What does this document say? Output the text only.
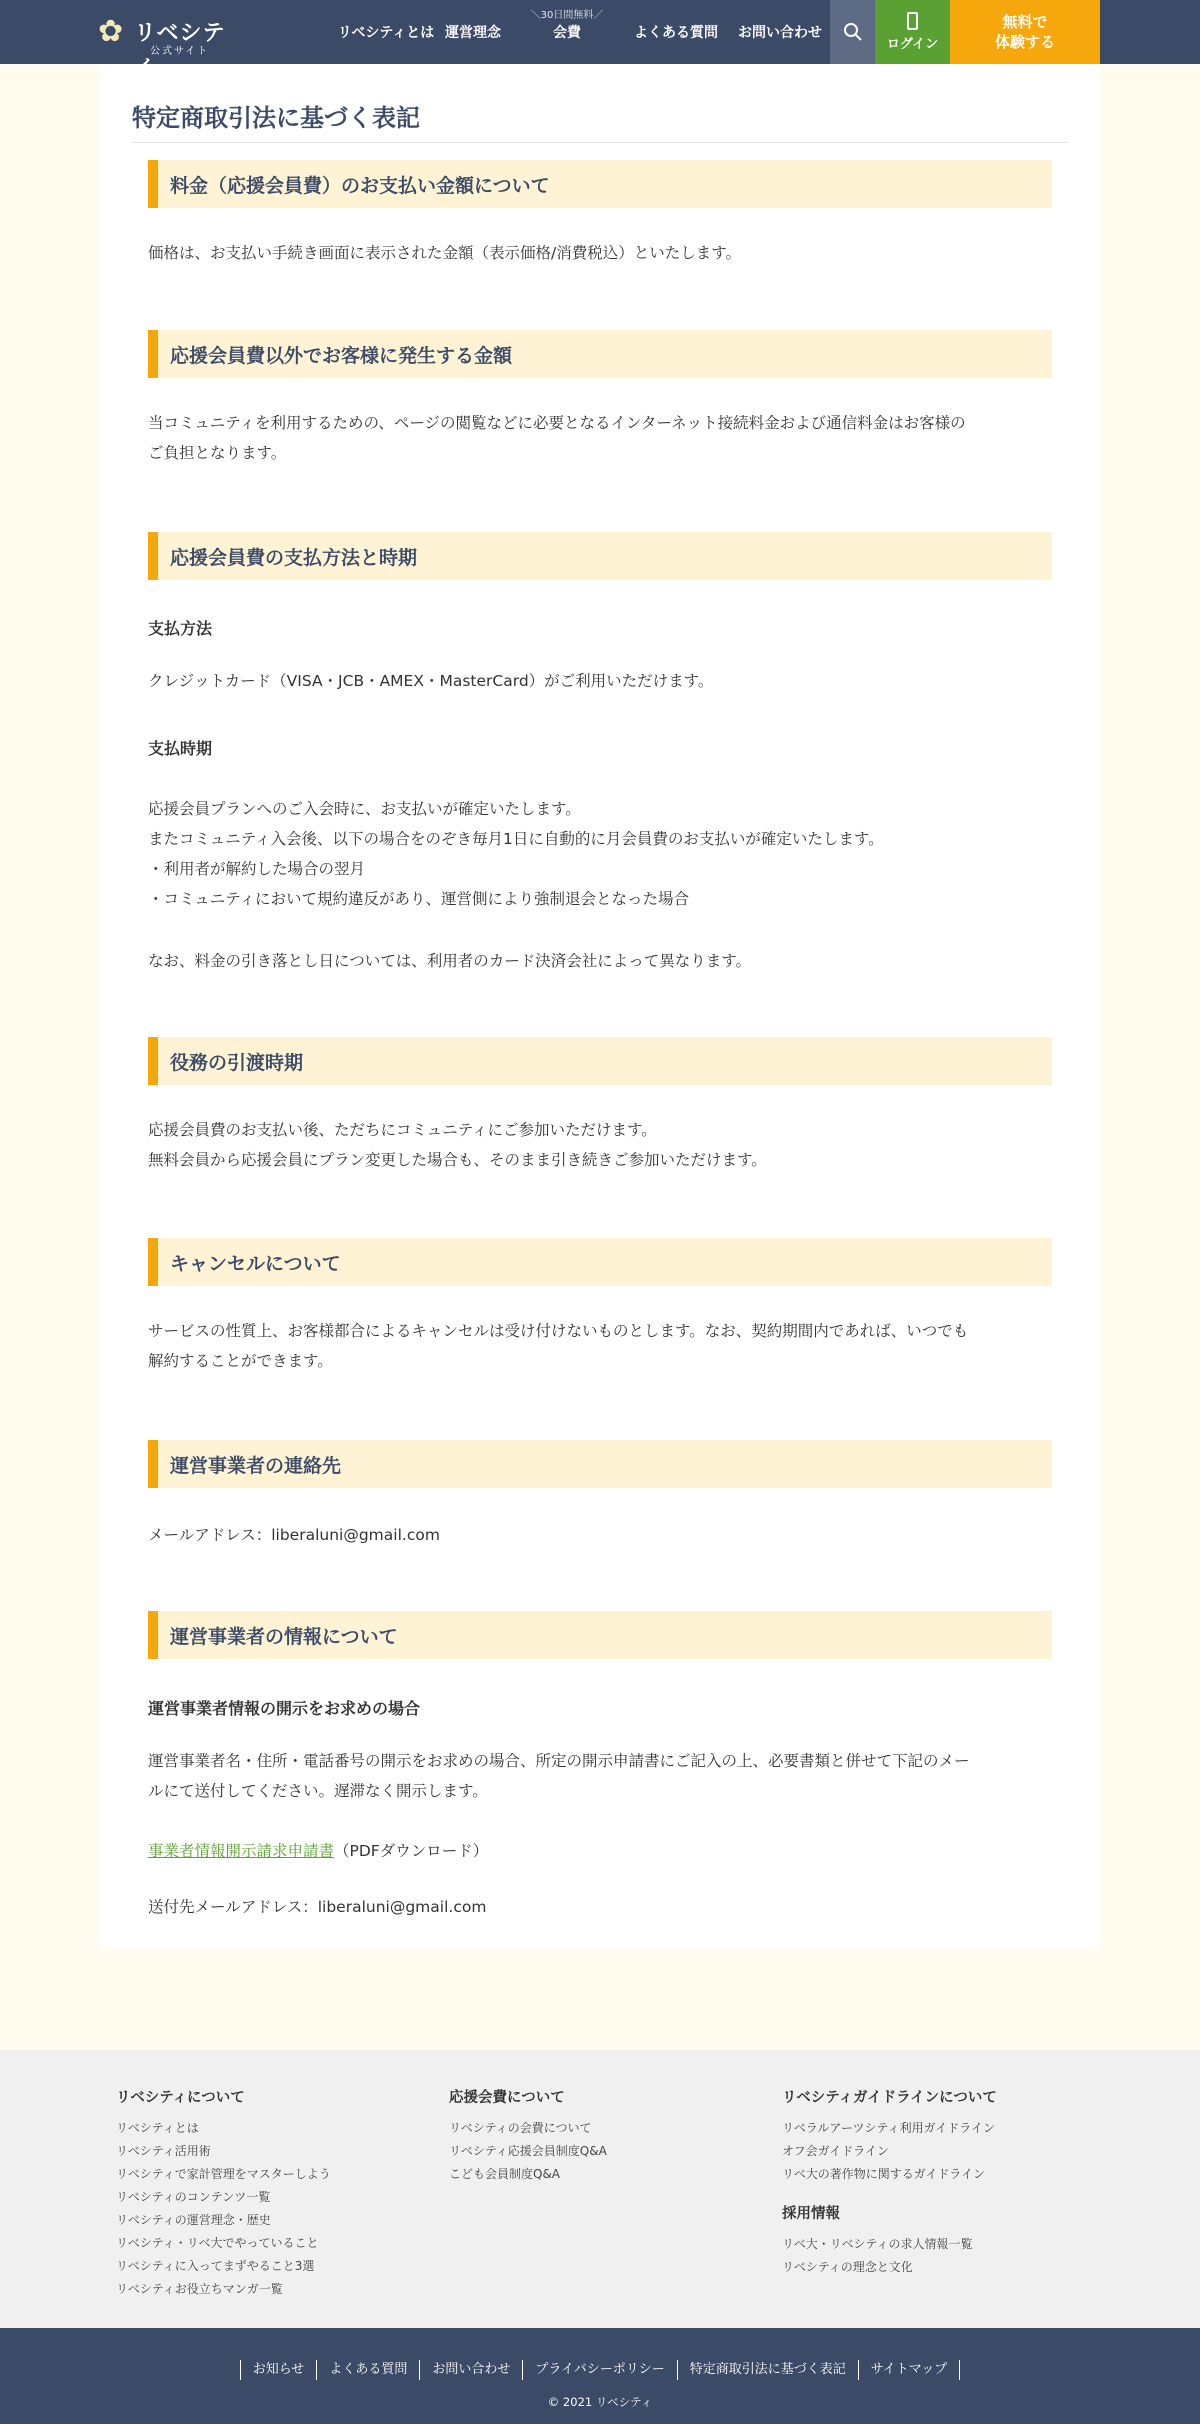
✿ リベシテ
公式サイト
リベシティとは 運営理念
＼30日間無料／
会費	よくある質問 お問い合わせ
ログイン
無料で
体験する
特定商取引法に基づく表記
料金（応援会員費）のお支払い金額について

価格は、お支払い手続き画面に表示された金額（表示価格/消費税込）といたします。

応援会員費以外でお客様に発生する金額
当コミュニティを利用するための、ページの閲覧などに必要となるインターネット接続料金および通信料金はお客様の
ご負担となります。
応援会員費の支払方法と時期
支払方法

クレジットカード（VISA・JCB・AMEX・MasterCard）がご利用いただけます。

支払時期
応援会員プランへのご入会時に、お支払いが確定いたします。
またコミュニティ入会後、以下の場合をのぞき毎月1日に自動的に月会員費のお支払いが確定いたします。
・利用者が解約した場合の翌月
・コミュニティにおいて規約違反があり、運営側により強制退会となった場合

なお、料金の引き落とし日については、利用者のカード決済会社によって異なります。

役務の引渡時期
応援会員費のお支払い後、ただちにコミュニティにご参加いただけます。
無料会員から応援会員にプラン変更した場合も、そのまま引き続きご参加いただけます。
キャンセルについて
サービスの性質上、お客様都合によるキャンセルは受け付けないものとします。なお、契約期間内であれば、いつでも
解約することができます。
運営事業者の連絡先

メールアドレス：liberaluni@gmail.com

運営事業者の情報について
運営事業者情報の開示をお求めの場合
運営事業者名・住所・電話番号の開示をお求めの場合、所定の開示申請書にご記入の上、必要書類と併せて下記のメー
ルにて送付してください。遅滞なく開示します。

事業者情報開示請求申請書（PDFダウンロード）

送付先メールアドレス：liberaluni@gmail.com

リベシティについて
リベシティとは
リベシティ活用術
リベシティで家計管理をマスターしよう
リベシティのコンテンツ一覧
リベシティの運営理念・歴史
リベシティ・リベ大でやっていること
リベシティに入ってまずやること3選
リベシティお役立ちマンガ一覧
応援会費について
リベシティの会費について
リベシティ応援会員制度Q&A
こども会員制度Q&A
リベシティガイドラインについて
リベラルアーツシティ利用ガイドライン
オフ会ガイドライン
リベ大の著作物に関するガイドライン
採用情報
リベ大・リベシティの求人情報一覧
リベシティの理念と文化
お知らせ	よくある質問	お問い合わせ	プライバシーポリシー	特定商取引法に基づく表記	サイトマップ
© 2021 リベシティ
